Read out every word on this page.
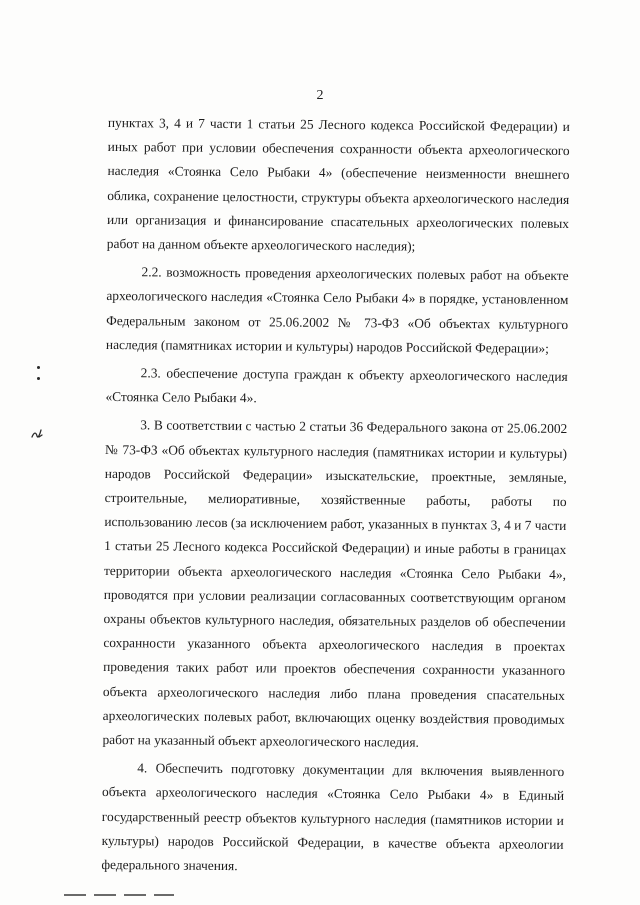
2

пунктах 3, 4 и 7 части 1 статьи 25 Лесного кодекса Российской Федерации) и иных работ при условии обеспечения сохранности объекта археологического наследия «Стоянка Село Рыбаки 4» (обеспечение неизменности внешнего облика, сохранение целостности, структуры объекта археологического наследия или организация и финансирование спасательных археологических полевых работ на данном объекте археологического наследия);

2.2. возможность проведения археологических полевых работ на объекте археологического наследия «Стоянка Село Рыбаки 4» в порядке, установленном Федеральным законом от 25.06.2002 № 73-ФЗ «Об объектах культурного наследия (памятниках истории и культуры) народов Российской Федерации»;

2.3. обеспечение доступа граждан к объекту археологического наследия «Стоянка Село Рыбаки 4».

3. В соответствии с частью 2 статьи 36 Федерального закона от 25.06.2002 № 73-ФЗ «Об объектах культурного наследия (памятниках истории и культуры) народов Российской Федерации» изыскательские, проектные, земляные, строительные, мелиоративные, хозяйственные работы, работы по использованию лесов (за исключением работ, указанных в пунктах 3, 4 и 7 части 1 статьи 25 Лесного кодекса Российской Федерации) и иные работы в границах территории объекта археологического наследия «Стоянка Село Рыбаки 4», проводятся при условии реализации согласованных соответствующим органом охраны объектов культурного наследия, обязательных разделов об обеспечении сохранности указанного объекта археологического наследия в проектах проведения таких работ или проектов обеспечения сохранности указанного объекта археологического наследия либо плана проведения спасательных археологических полевых работ, включающих оценку воздействия проводимых работ на указанный объект археологического наследия.

4. Обеспечить подготовку документации для включения выявленного объекта археологического наследия «Стоянка Село Рыбаки 4» в Единый государственный реестр объектов культурного наследия (памятников истории и культуры) народов Российской Федерации, в качестве объекта археологии федерального значения.
